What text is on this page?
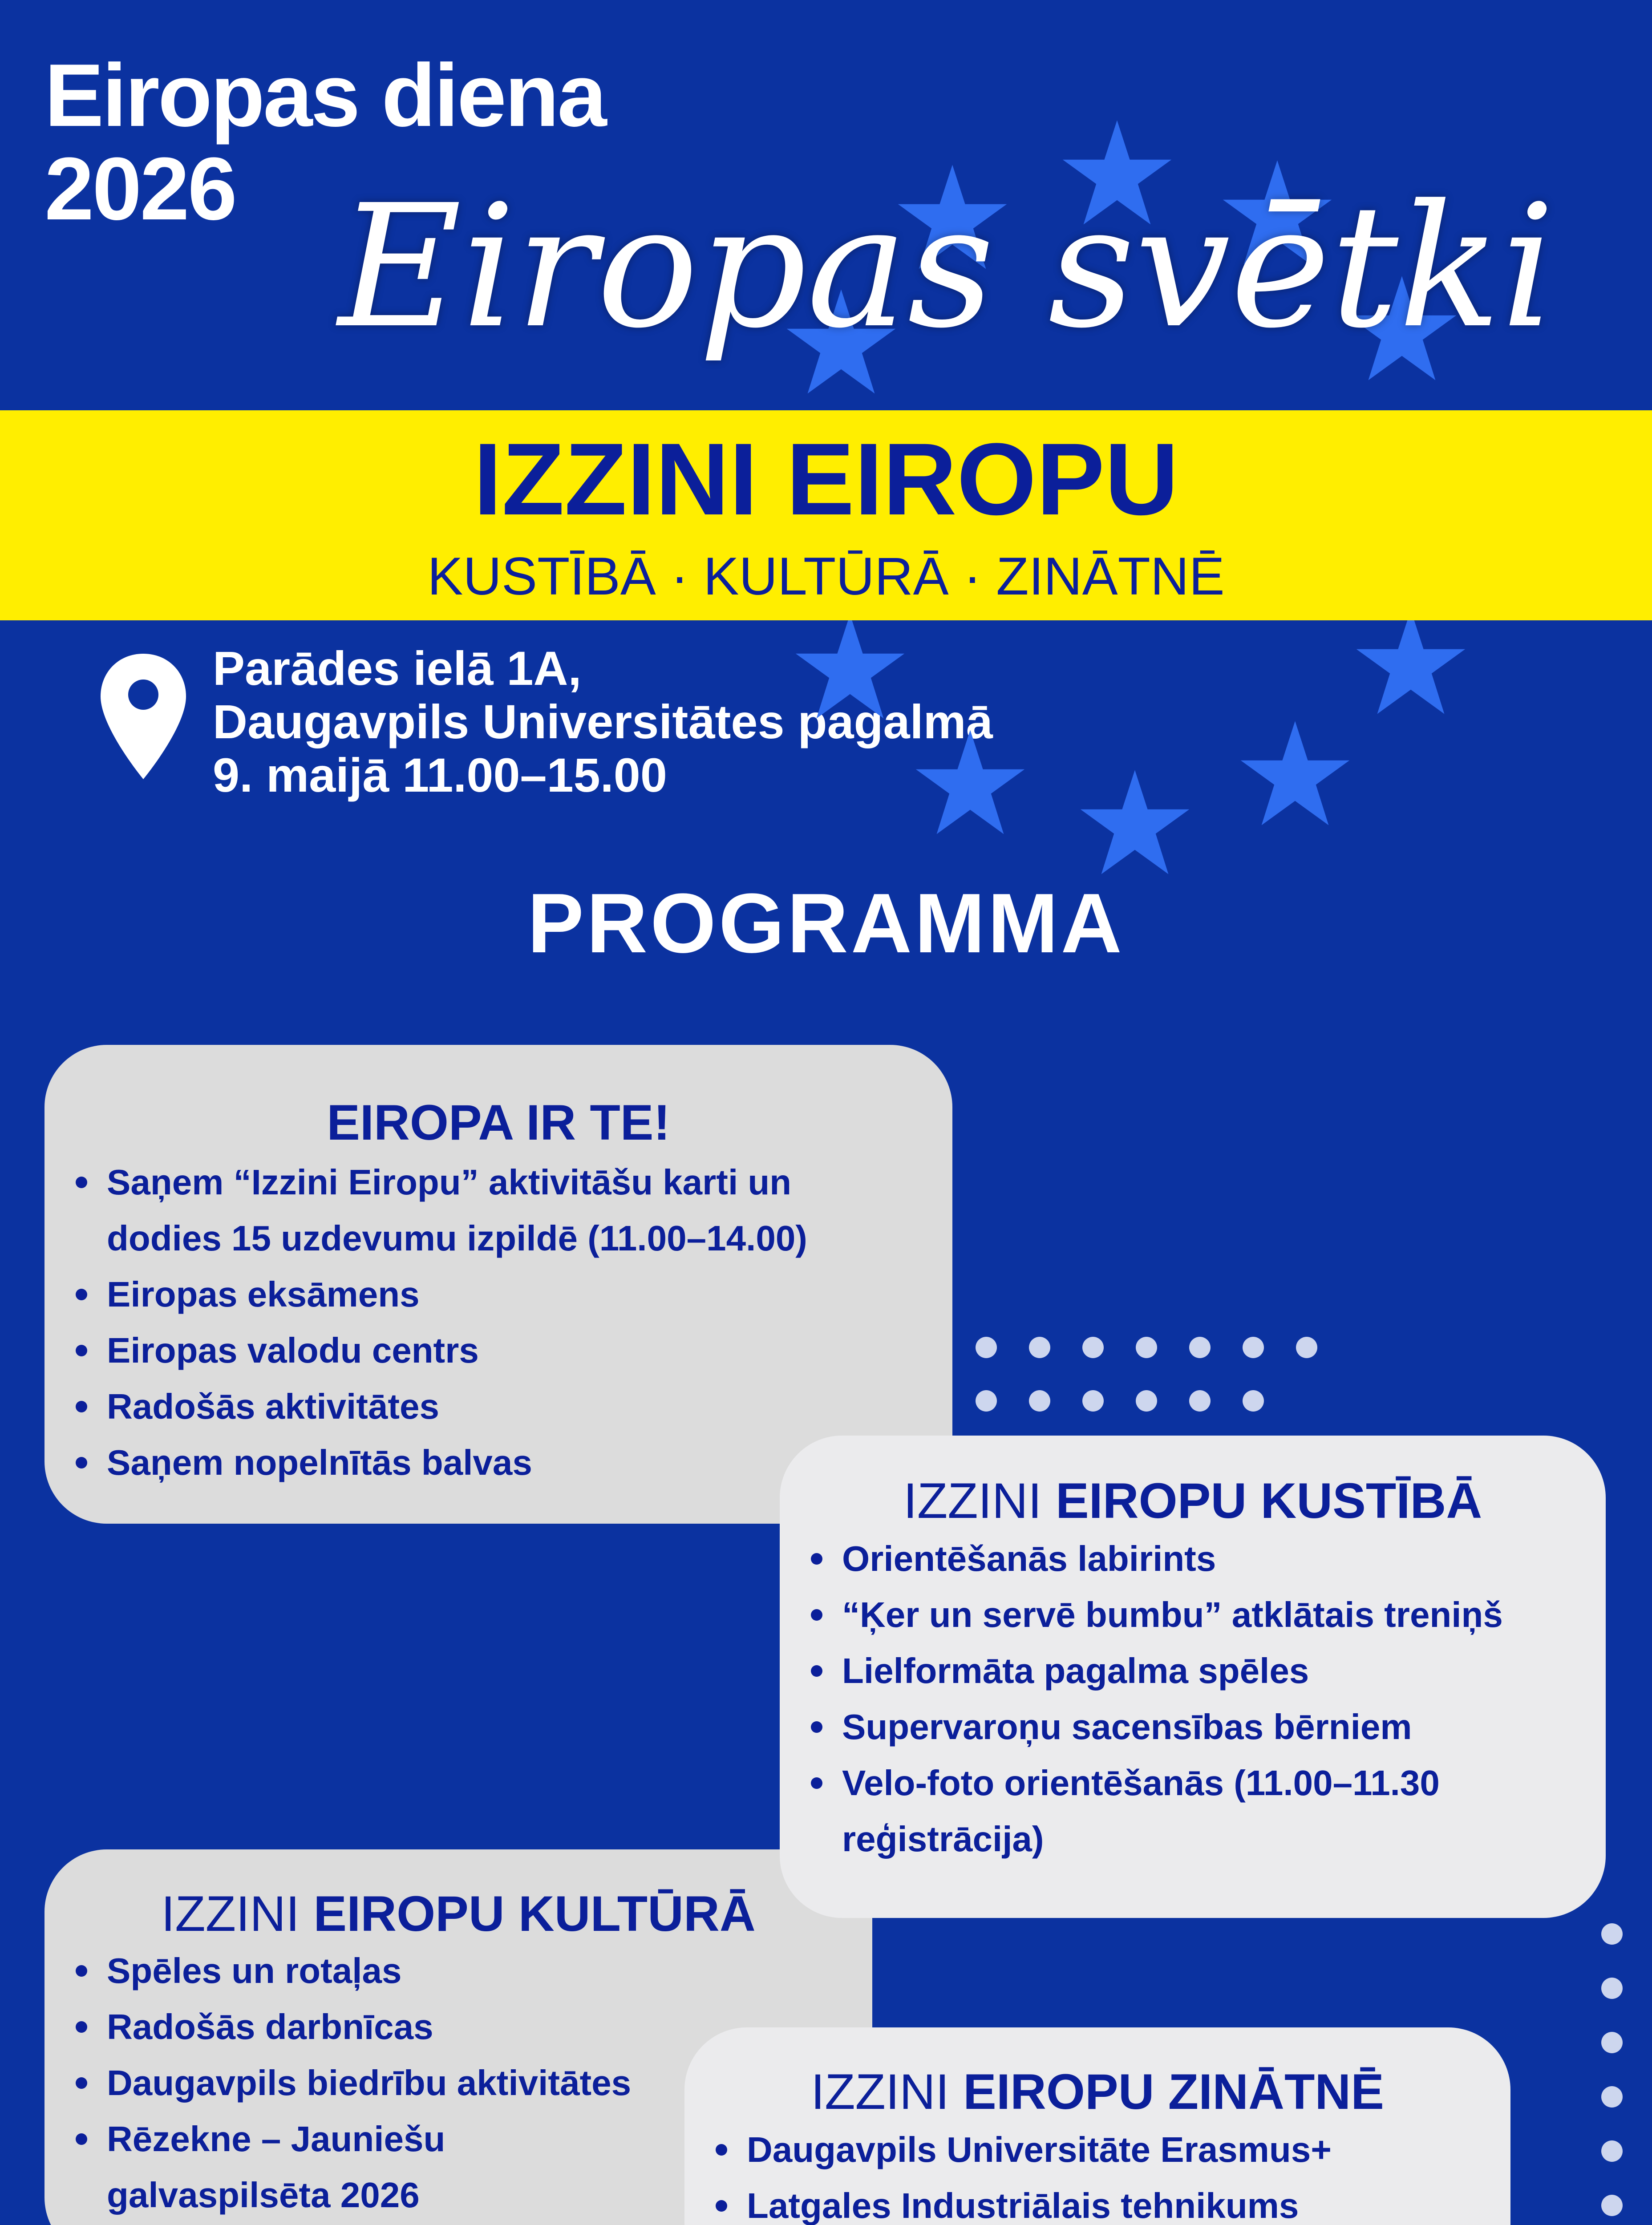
Eiropas diena
2026 Eiropas svētki
IZZINI EIROPU
KUSTĪBĀ · KULTŪRĀ · ZINĀTNĒ
Parādes ielā 1A,
Daugavpils Universitātes pagalmā
9. maijā 11.00–15.00
PROGRAMMA
EIROPA IR TE!
Saņem “Izzini Eiropu” aktivitāšu karti un
dodies 15 uzdevumu izpildē (11.00–14.00)
Eiropas eksāmens
Eiropas valodu centrs
Radošās aktivitātes
Saņem nopelnītās balvas
IZZINI EIROPU KULTŪRĀ
Spēles un rotaļas
Radošās darbnīcas
Daugavpils biedrību aktivitātes
Rēzekne – Jauniešu
galvaspilsēta 2026
IZZINI EIROPU KUSTĪBĀ
Orientēšanās labirints
“Ķer un servē bumbu” atklātais treniņš
Lielformāta pagalma spēles
Supervaroņu sacensības bērniem
Velo-foto orientēšanās (11.00–11.30
reģistrācija)
IZZINI EIROPU ZINĀTNĒ
Daugavpils Universitāte Erasmus+
Latgales Industriālais tehnikums
